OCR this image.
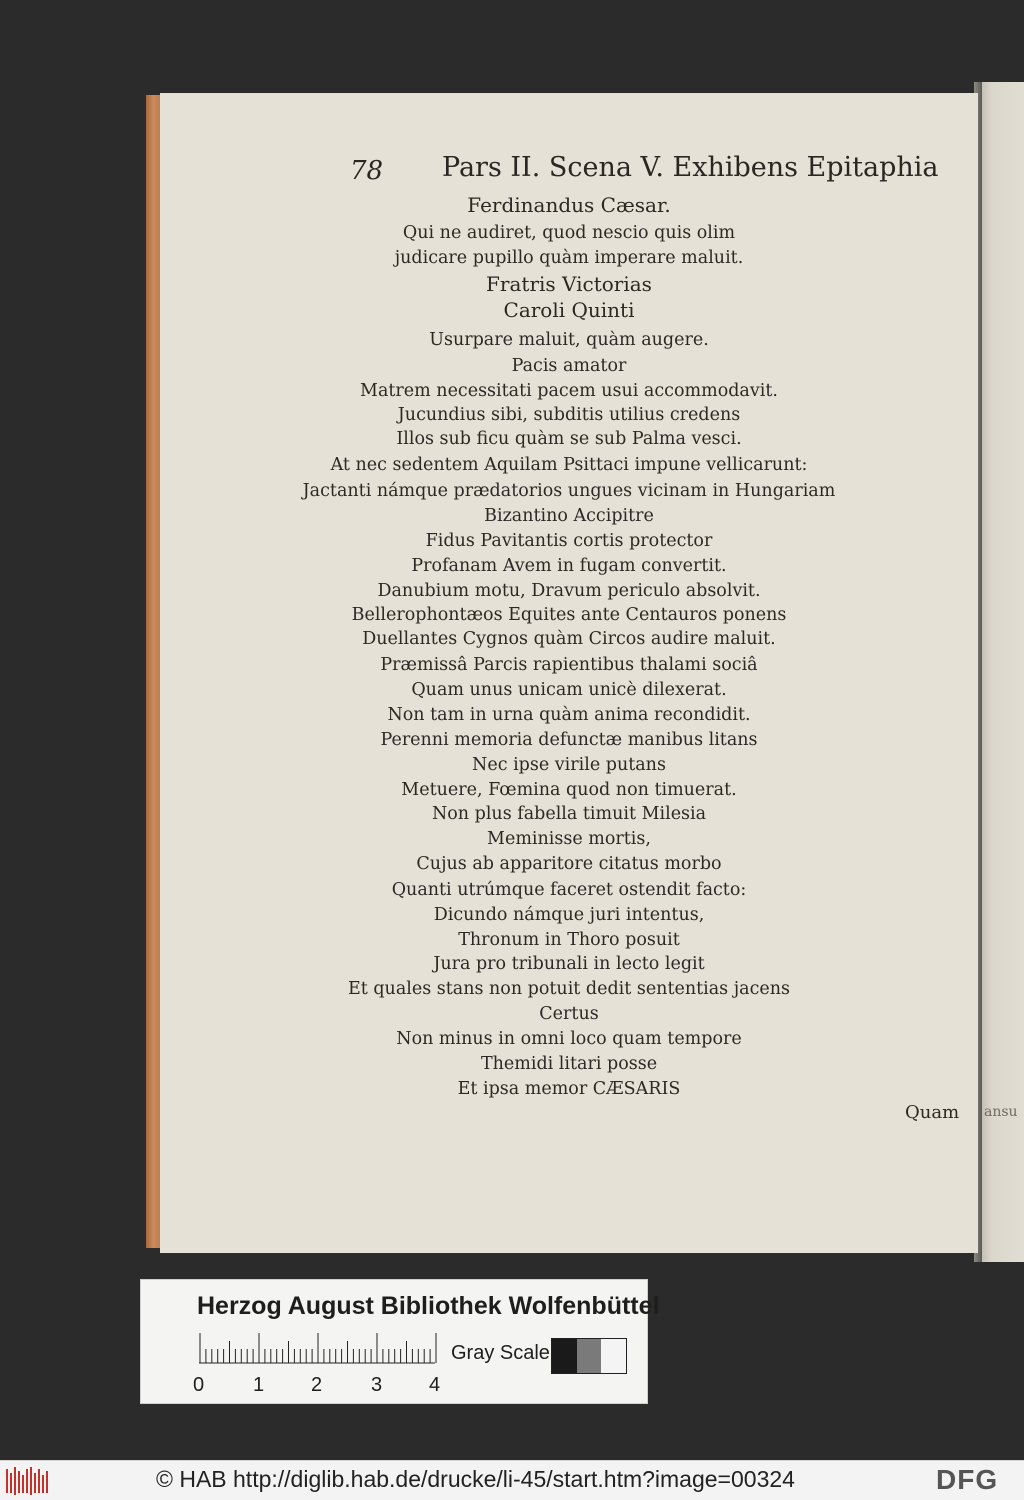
ansu
78 Pars II. Scena V. Exhibens Epitaphia
Ferdinandus Cæsar.
Qui ne audiret, quod nescio quis olim
judicare pupillo quàm imperare maluit.
Fratris Victorias
Caroli Quinti
Usurpare maluit, quàm augere.
Pacis amator
Matrem necessitati pacem usui accommodavit.
Jucundius sibi, subditis utilius credens
Illos sub ficu quàm se sub Palma vesci.
At nec sedentem Aquilam Psittaci impune vellicarunt:
Jactanti námque prædatorios ungues vicinam in Hungariam
Bizantino Accipitre
Fidus Pavitantis cortis protector
Profanam Avem in fugam convertit.
Danubium motu, Dravum periculo absolvit.
Bellerophontæos Equites ante Centauros ponens
Duellantes Cygnos quàm Circos audire maluit.
Præmissâ Parcis rapientibus thalami sociâ
Quam unus unicam unicè dilexerat.
Non tam in urna quàm anima recondidit.
Perenni memoria defunctæ manibus litans
Nec ipse virile putans
Metuere, Fœmina quod non timuerat.
Non plus fabella timuit Milesia
Meminisse mortis,
Cujus ab apparitore citatus morbo
Quanti utrúmque faceret ostendit facto:
Dicundo námque juri intentus,
Thronum in Thoro posuit
Jura pro tribunali in lecto legit
Et quales stans non potuit dedit sententias jacens
Certus
Non minus in omni loco quam tempore
Themidi litari posse
Et ipsa memor CÆSARIS
Quam
Herzog August Bibliothek Wolfenbüttel
Gray Scale
0 1 2 3 4
© HAB http://diglib.hab.de/drucke/li-45/start.htm?image=00324	DFG
